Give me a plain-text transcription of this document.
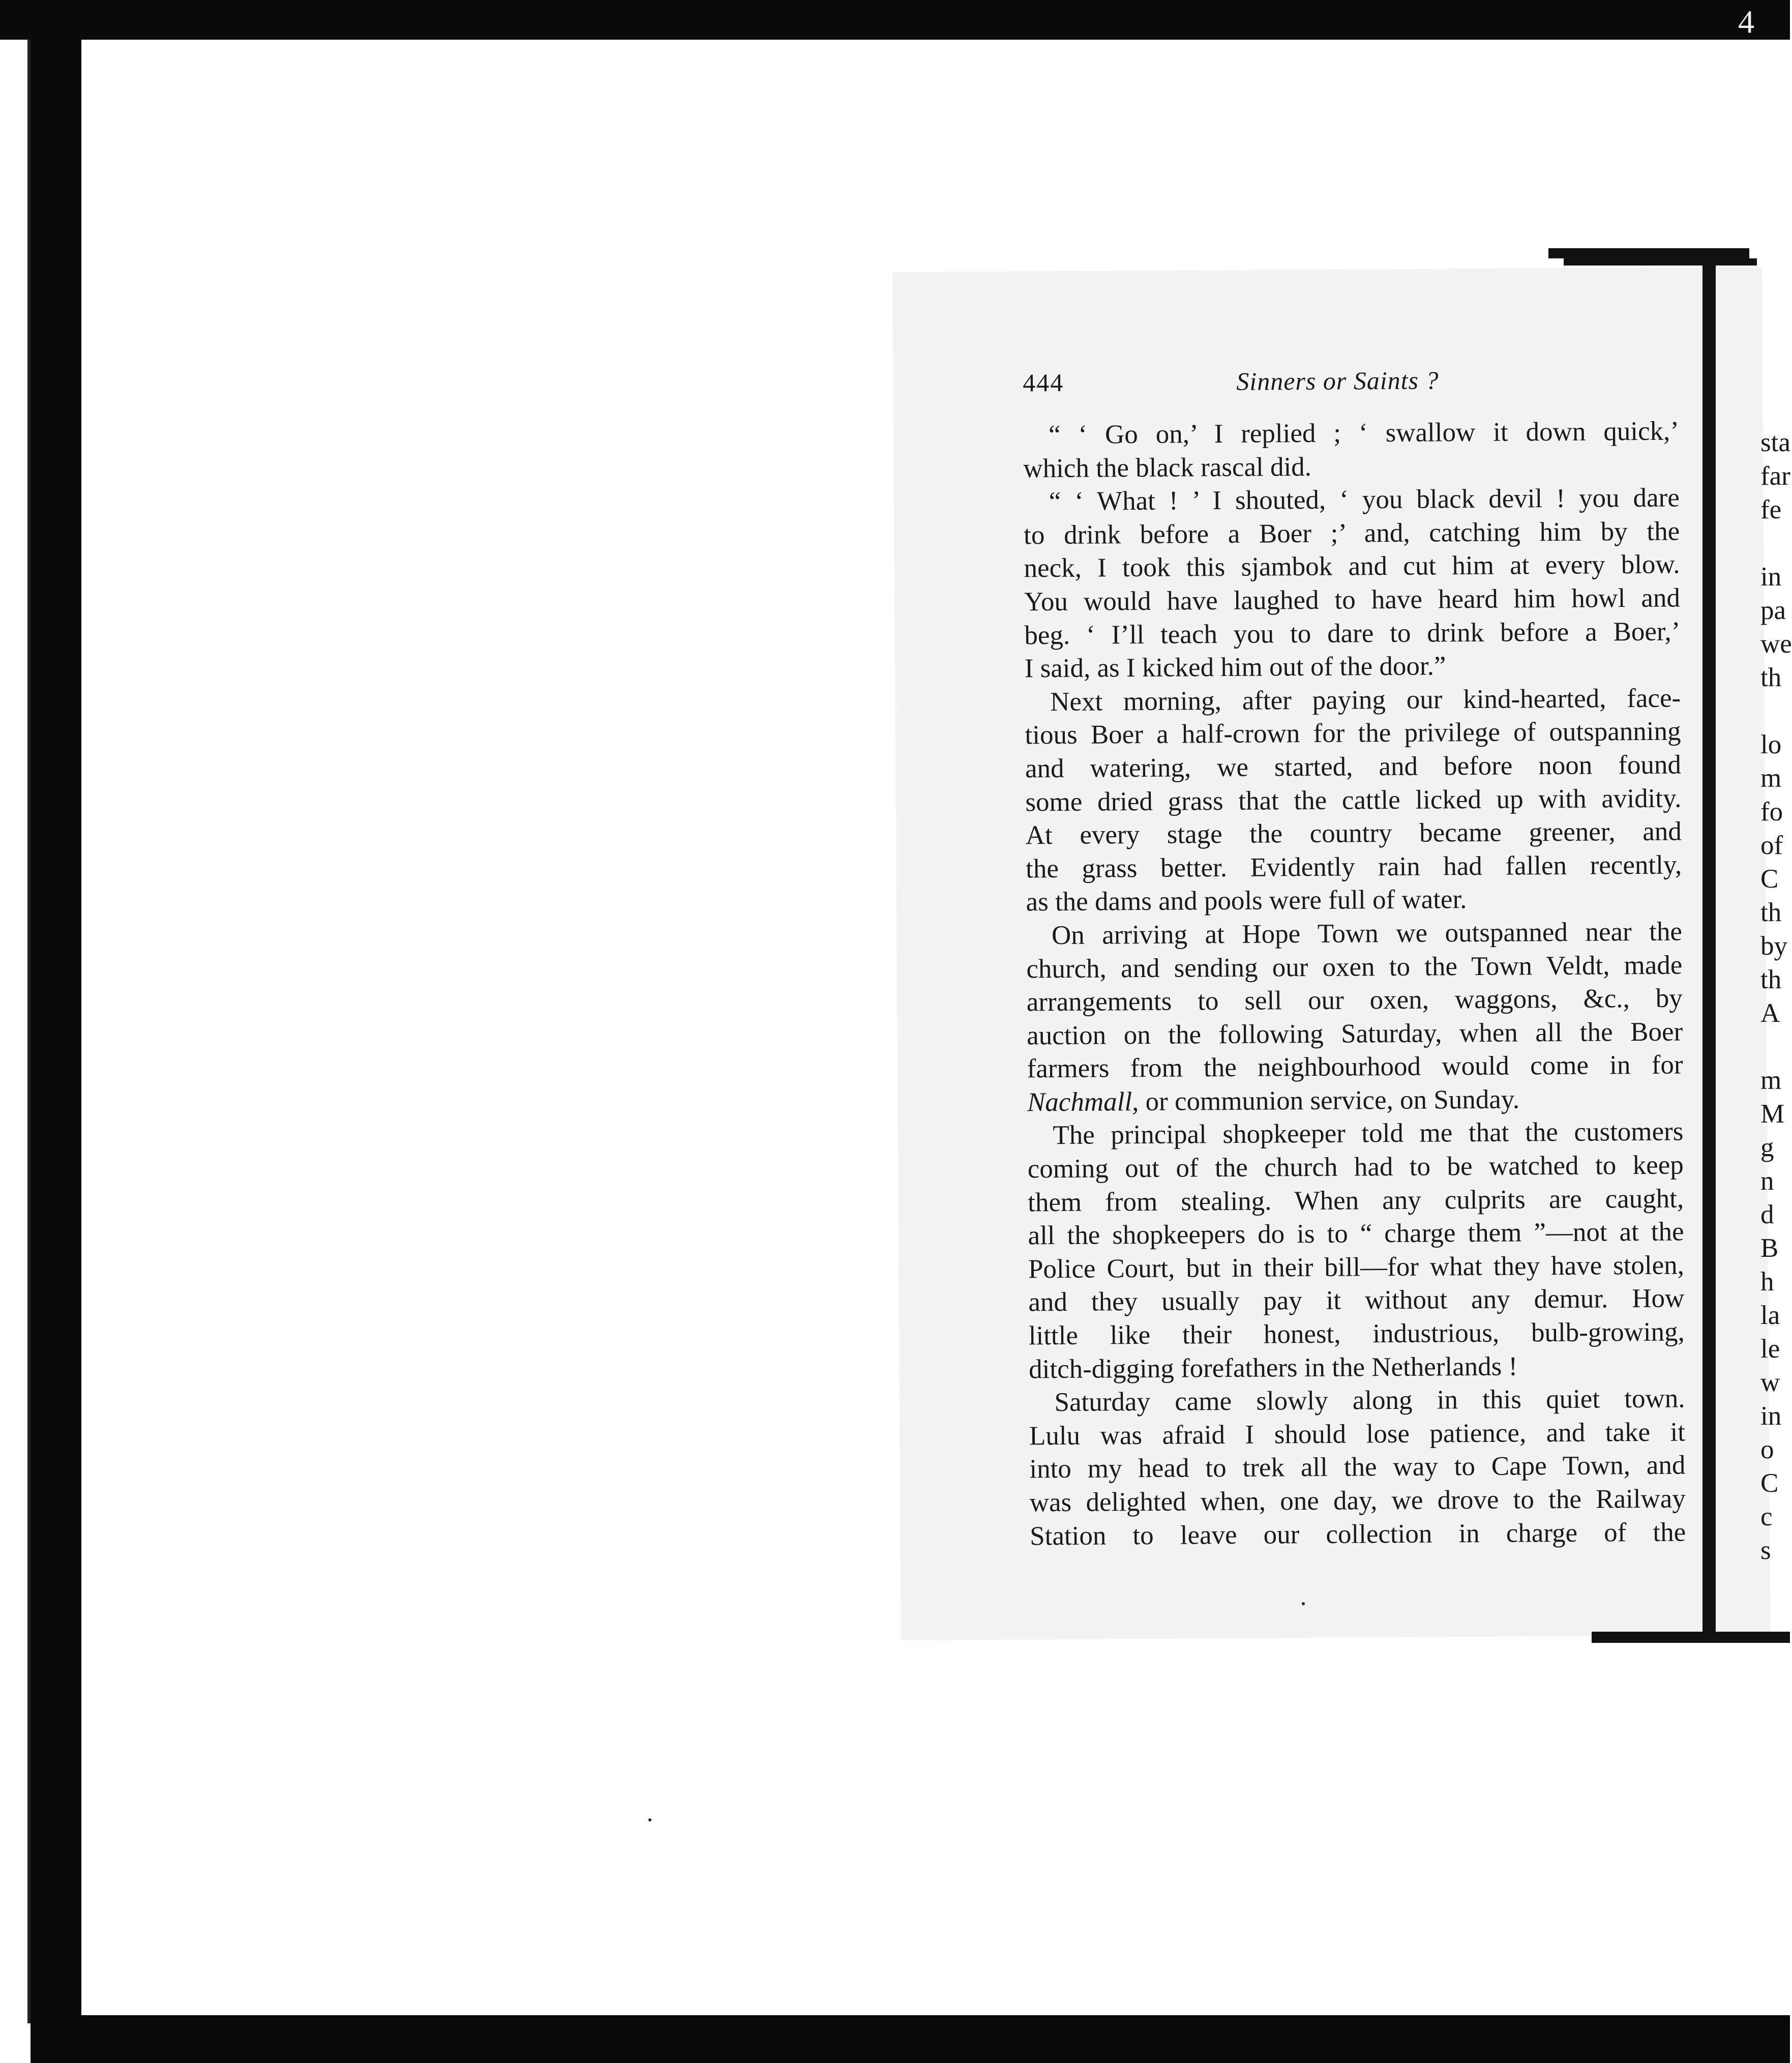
4
444	Sinners or Saints ?
“ ‘ Go on,’ I replied ; ‘ swallow it down quick,’
which the black rascal did.
“ ‘ What ! ’ I shouted, ‘ you black devil ! you dare
to drink before a Boer ;’ and, catching him by the
neck, I took this sjambok and cut him at every blow.
You would have laughed to have heard him howl and
beg. ‘ I’ll teach you to dare to drink before a Boer,’
I said, as I kicked him out of the door.”
Next morning, after paying our kind-hearted, face-
tious Boer a half-crown for the privilege of outspanning
and watering, we started, and before noon found
some dried grass that the cattle licked up with avidity.
At every stage the country became greener, and
the grass better. Evidently rain had fallen recently,
as the dams and pools were full of water.
On arriving at Hope Town we outspanned near the
church, and sending our oxen to the Town Veldt, made
arrangements to sell our oxen, waggons, &c., by
auction on the following Saturday, when all the Boer
farmers from the neighbourhood would come in for
Nachmall, or communion service, on Sunday.
The principal shopkeeper told me that the customers
coming out of the church had to be watched to keep
them from stealing. When any culprits are caught,
all the shopkeepers do is to “ charge them ”—not at the
Police Court, but in their bill—for what they have stolen,
and they usually pay it without any demur. How
little like their honest, industrious, bulb-growing,
ditch-digging forefathers in the Netherlands !
Saturday came slowly along in this quiet town.
Lulu was afraid I should lose patience, and take it
into my head to trek all the way to Cape Town, and
was delighted when, one day, we drove to the Railway
Station to leave our collection in charge of the
sta
far
fe
in
pa
we
th
lo
m
fo
of
C
th
by
th
A
m
M
g
n
d
B
h
la
le
w
in
o
C
c
s
